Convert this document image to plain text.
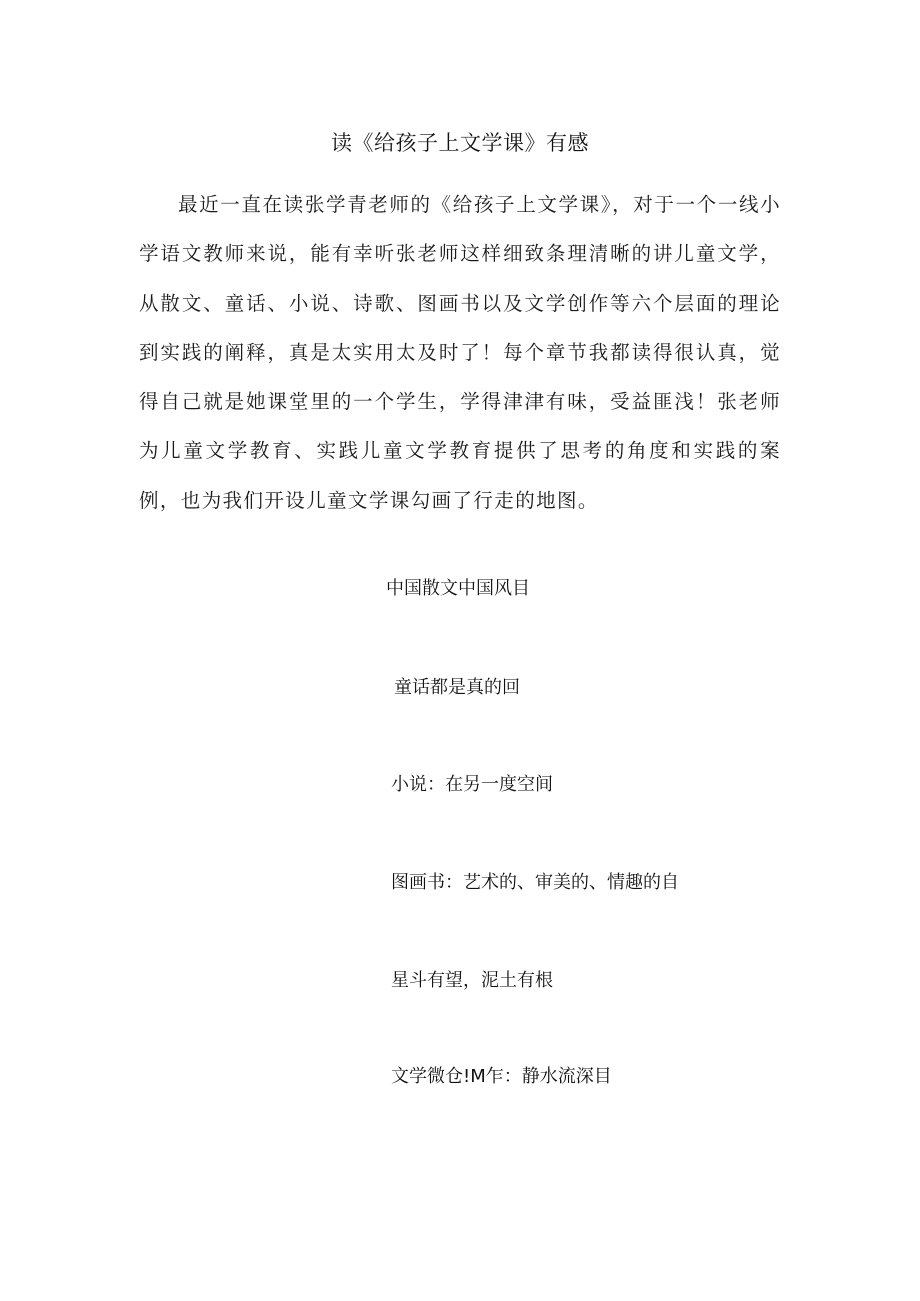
读《给孩子上文学课》有感

最近一直在读张学青老师的《给孩子上文学课》，对于一个一线小学语文教师来说，能有幸听张老师这样细致条理清晰的讲儿童文学，从散文、童话、小说、诗歌、图画书以及文学创作等六个层面的理论到实践的阐释，真是太实用太及时了！每个章节我都读得很认真，觉得自己就是她课堂里的一个学生，学得津津有味，受益匪浅！张老师为儿童文学教育、实践儿童文学教育提供了思考的角度和实践的案例，也为我们开设儿童文学课勾画了行走的地图。

中国散文中国风目

童话都是真的回

小说：在另一度空间

图画书：艺术的、审美的、情趣的自

星斗有望，泥土有根

文学微仓!M乍：静水流深目
